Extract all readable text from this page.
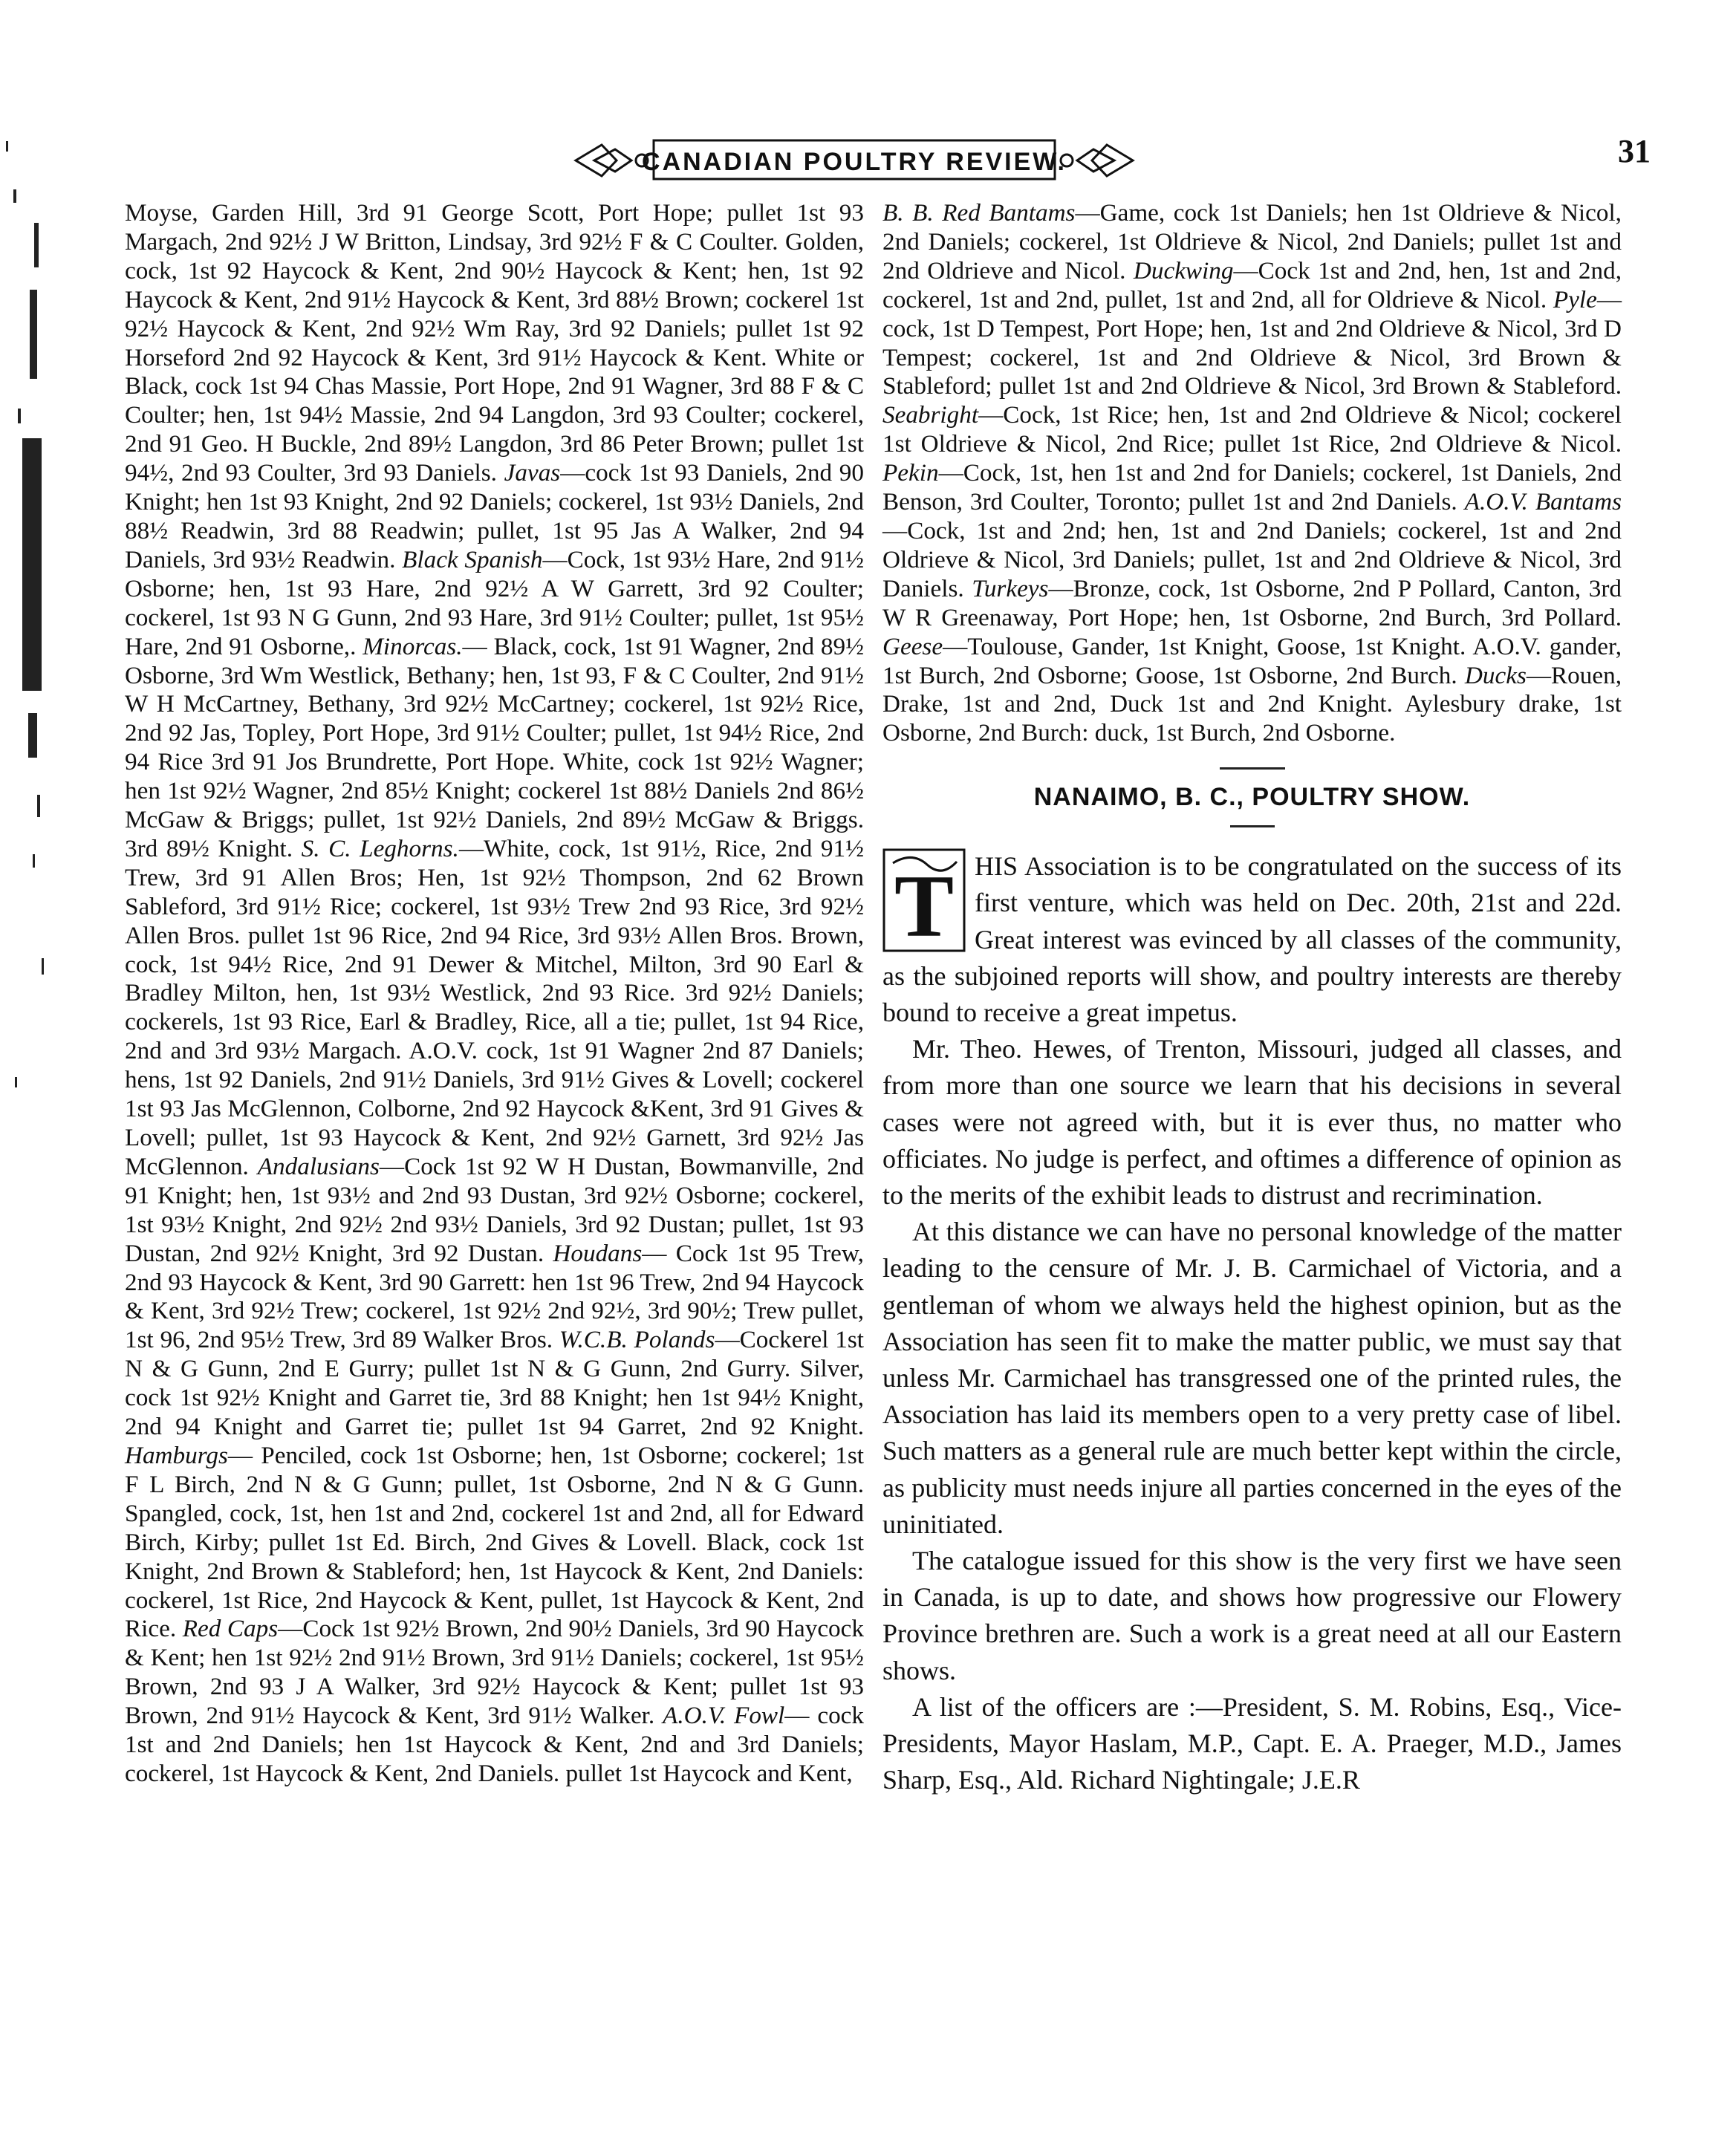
CANADIAN POULTRY REVIEW.	31

Moyse, Garden Hill, 3rd 91 George Scott, Port Hope; pullet 1st 93 Margach, 2nd 92½ J W Britton, Lindsay, 3rd 92½ F & C Coulter. Golden, cock, 1st 92 Haycock & Kent, 2nd 90½ Haycock & Kent; hen, 1st 92 Haycock & Kent, 2nd 91½ Haycock & Kent, 3rd 88½ Brown; cockerel 1st 92½ Haycock & Kent, 2nd 92½ Wm Ray, 3rd 92 Daniels; pullet 1st 92 Horseford 2nd 92 Haycock & Kent, 3rd 91½ Haycock & Kent. White or Black, cock 1st 94 Chas Massie, Port Hope, 2nd 91 Wagner, 3rd 88 F & C Coulter; hen, 1st 94½ Massie, 2nd 94 Langdon, 3rd 93 Coulter; cockerel, 2nd 91 Geo. H Buckle, 2nd 89½ Langdon, 3rd 86 Peter Brown; pullet 1st 94½, 2nd 93 Coulter, 3rd 93 Daniels. Javas—cock 1st 93 Daniels, 2nd 90 Knight; hen 1st 93 Knight, 2nd 92 Daniels; cockerel, 1st 93½ Daniels, 2nd 88½ Readwin, 3rd 88 Readwin; pullet, 1st 95 Jas A Walker, 2nd 94 Daniels, 3rd 93½ Readwin. Black Spanish—Cock, 1st 93½ Hare, 2nd 91½ Osborne; hen, 1st 93 Hare, 2nd 92½ A W Garrett, 3rd 92 Coulter; cockerel, 1st 93 N G Gunn, 2nd 93 Hare, 3rd 91½ Coulter; pullet, 1st 95½ Hare, 2nd 91 Osborne,. Minorcas.— Black, cock, 1st 91 Wagner, 2nd 89½ Osborne, 3rd Wm Westlick, Bethany; hen, 1st 93, F & C Coulter, 2nd 91½ W H McCartney, Bethany, 3rd 92½ McCartney; cockerel, 1st 92½ Rice, 2nd 92 Jas, Topley, Port Hope, 3rd 91½ Coulter; pullet, 1st 94½ Rice, 2nd 94 Rice 3rd 91 Jos Brundrette, Port Hope. White, cock 1st 92½ Wagner; hen 1st 92½ Wagner, 2nd 85½ Knight; cockerel 1st 88½ Daniels 2nd 86½ McGaw & Briggs; pullet, 1st 92½ Daniels, 2nd 89½ McGaw & Briggs. 3rd 89½ Knight. S. C. Leghorns.—White, cock, 1st 91½, Rice, 2nd 91½ Trew, 3rd 91 Allen Bros; Hen, 1st 92½ Thompson, 2nd 62 Brown Sableford, 3rd 91½ Rice; cockerel, 1st 93½ Trew 2nd 93 Rice, 3rd 92½ Allen Bros. pullet 1st 96 Rice, 2nd 94 Rice, 3rd 93½ Allen Bros. Brown, cock, 1st 94½ Rice, 2nd 91 Dewer & Mitchel, Milton, 3rd 90 Earl & Bradley Milton, hen, 1st 93½ Westlick, 2nd 93 Rice. 3rd 92½ Daniels; cockerels, 1st 93 Rice, Earl & Bradley, Rice, all a tie; pullet, 1st 94 Rice, 2nd and 3rd 93½ Margach. A.O.V. cock, 1st 91 Wagner 2nd 87 Daniels; hens, 1st 92 Daniels, 2nd 91½ Daniels, 3rd 91½ Gives & Lovell; cockerel 1st 93 Jas McGlennon, Colborne, 2nd 92 Haycock &Kent, 3rd 91 Gives & Lovell; pullet, 1st 93 Haycock & Kent, 2nd 92½ Garnett, 3rd 92½ Jas McGlennon. Andalusians—Cock 1st 92 W H Dustan, Bowmanville, 2nd 91 Knight; hen, 1st 93½ and 2nd 93 Dustan, 3rd 92½ Osborne; cockerel, 1st 93½ Knight, 2nd 92½ 2nd 93½ Daniels, 3rd 92 Dustan; pullet, 1st 93 Dustan, 2nd 92½ Knight, 3rd 92 Dustan. Houdans— Cock 1st 95 Trew, 2nd 93 Haycock & Kent, 3rd 90 Garrett: hen 1st 96 Trew, 2nd 94 Haycock & Kent, 3rd 92½ Trew; cockerel, 1st 92½ 2nd 92½, 3rd 90½; Trew pullet, 1st 96, 2nd 95½ Trew, 3rd 89 Walker Bros. W.C.B. Polands—Cockerel 1st N & G Gunn, 2nd E Gurry; pullet 1st N & G Gunn, 2nd Gurry. Silver, cock 1st 92½ Knight and Garret tie, 3rd 88 Knight; hen 1st 94½ Knight, 2nd 94 Knight and Garret tie; pullet 1st 94 Garret, 2nd 92 Knight. Hamburgs— Penciled, cock 1st Osborne; hen, 1st Osborne; cockerel; 1st F L Birch, 2nd N & G Gunn; pullet, 1st Osborne, 2nd N & G Gunn. Spangled, cock, 1st, hen 1st and 2nd, cockerel 1st and 2nd, all for Edward Birch, Kirby; pullet 1st Ed. Birch, 2nd Gives & Lovell. Black, cock 1st Knight, 2nd Brown & Stableford; hen, 1st Haycock & Kent, 2nd Daniels: cockerel, 1st Rice, 2nd Haycock & Kent, pullet, 1st Haycock & Kent, 2nd Rice. Red Caps—Cock 1st 92½ Brown, 2nd 90½ Daniels, 3rd 90 Haycock & Kent; hen 1st 92½ 2nd 91½ Brown, 3rd 91½ Daniels; cockerel, 1st 95½ Brown, 2nd 93 J A Walker, 3rd 92½ Haycock & Kent; pullet 1st 93 Brown, 2nd 91½ Haycock & Kent, 3rd 91½ Walker. A.O.V. Fowl— cock 1st and 2nd Daniels; hen 1st Haycock & Kent, 2nd and 3rd Daniels; cockerel, 1st Haycock & Kent, 2nd Daniels. pullet 1st Haycock and Kent,

B. B. Red Bantams—Game, cock 1st Daniels; hen 1st Oldrieve & Nicol, 2nd Daniels; cockerel, 1st Oldrieve & Nicol, 2nd Daniels; pullet 1st and 2nd Oldrieve and Nicol. Duckwing—Cock 1st and 2nd, hen, 1st and 2nd, cockerel, 1st and 2nd, pullet, 1st and 2nd, all for Oldrieve & Nicol. Pyle— cock, 1st D Tempest, Port Hope; hen, 1st and 2nd Oldrieve & Nicol, 3rd D Tempest; cockerel, 1st and 2nd Oldrieve & Nicol, 3rd Brown & Stableford; pullet 1st and 2nd Oldrieve & Nicol, 3rd Brown & Stableford. Seabright—Cock, 1st Rice; hen, 1st and 2nd Oldrieve & Nicol; cockerel 1st Oldrieve & Nicol, 2nd Rice; pullet 1st Rice, 2nd Oldrieve & Nicol. Pekin—Cock, 1st, hen 1st and 2nd for Daniels; cockerel, 1st Daniels, 2nd Benson, 3rd Coulter, Toronto; pullet 1st and 2nd Daniels. A.O.V. Bantams—Cock, 1st and 2nd; hen, 1st and 2nd Daniels; cockerel, 1st and 2nd Oldrieve & Nicol, 3rd Daniels; pullet, 1st and 2nd Oldrieve & Nicol, 3rd Daniels. Turkeys—Bronze, cock, 1st Osborne, 2nd P Pollard, Canton, 3rd W R Greenaway, Port Hope; hen, 1st Osborne, 2nd Burch, 3rd Pollard. Geese—Toulouse, Gander, 1st Knight, Goose, 1st Knight. A.O.V. gander, 1st Burch, 2nd Osborne; Goose, 1st Osborne, 2nd Burch. Ducks—Rouen, Drake, 1st and 2nd, Duck 1st and 2nd Knight. Aylesbury drake, 1st Osborne, 2nd Burch: duck, 1st Burch, 2nd Osborne.

NANAIMO, B. C., POULTRY SHOW.

T HIS Association is to be congratulated on the success of its first venture, which was held on Dec. 20th, 21st and 22d. Great interest was evinced by all classes of the community, as the subjoined reports will show, and poultry interests are thereby bound to receive a great impetus.

Mr. Theo. Hewes, of Trenton, Missouri, judged all classes, and from more than one source we learn that his decisions in several cases were not agreed with, but it is ever thus, no matter who officiates. No judge is perfect, and oftimes a difference of opinion as to the merits of the exhibit leads to distrust and recrimination.

At this distance we can have no personal knowledge of the matter leading to the censure of Mr. J. B. Carmichael of Victoria, and a gentleman of whom we always held the highest opinion, but as the Association has seen fit to make the matter public, we must say that unless Mr. Carmichael has transgressed one of the printed rules, the Association has laid its members open to a very pretty case of libel. Such matters as a general rule are much better kept within the circle, as publicity must needs injure all parties concerned in the eyes of the uninitiated.

The catalogue issued for this show is the very first we have seen in Canada, is up to date, and shows how progressive our Flowery Province brethren are. Such a work is a great need at all our Eastern shows.

A list of the officers are :—President, S. M. Robins, Esq., Vice-Presidents, Mayor Haslam, M.P., Capt. E. A. Praeger, M.D., James Sharp, Esq., Ald. Richard Nightingale; J.E.R
